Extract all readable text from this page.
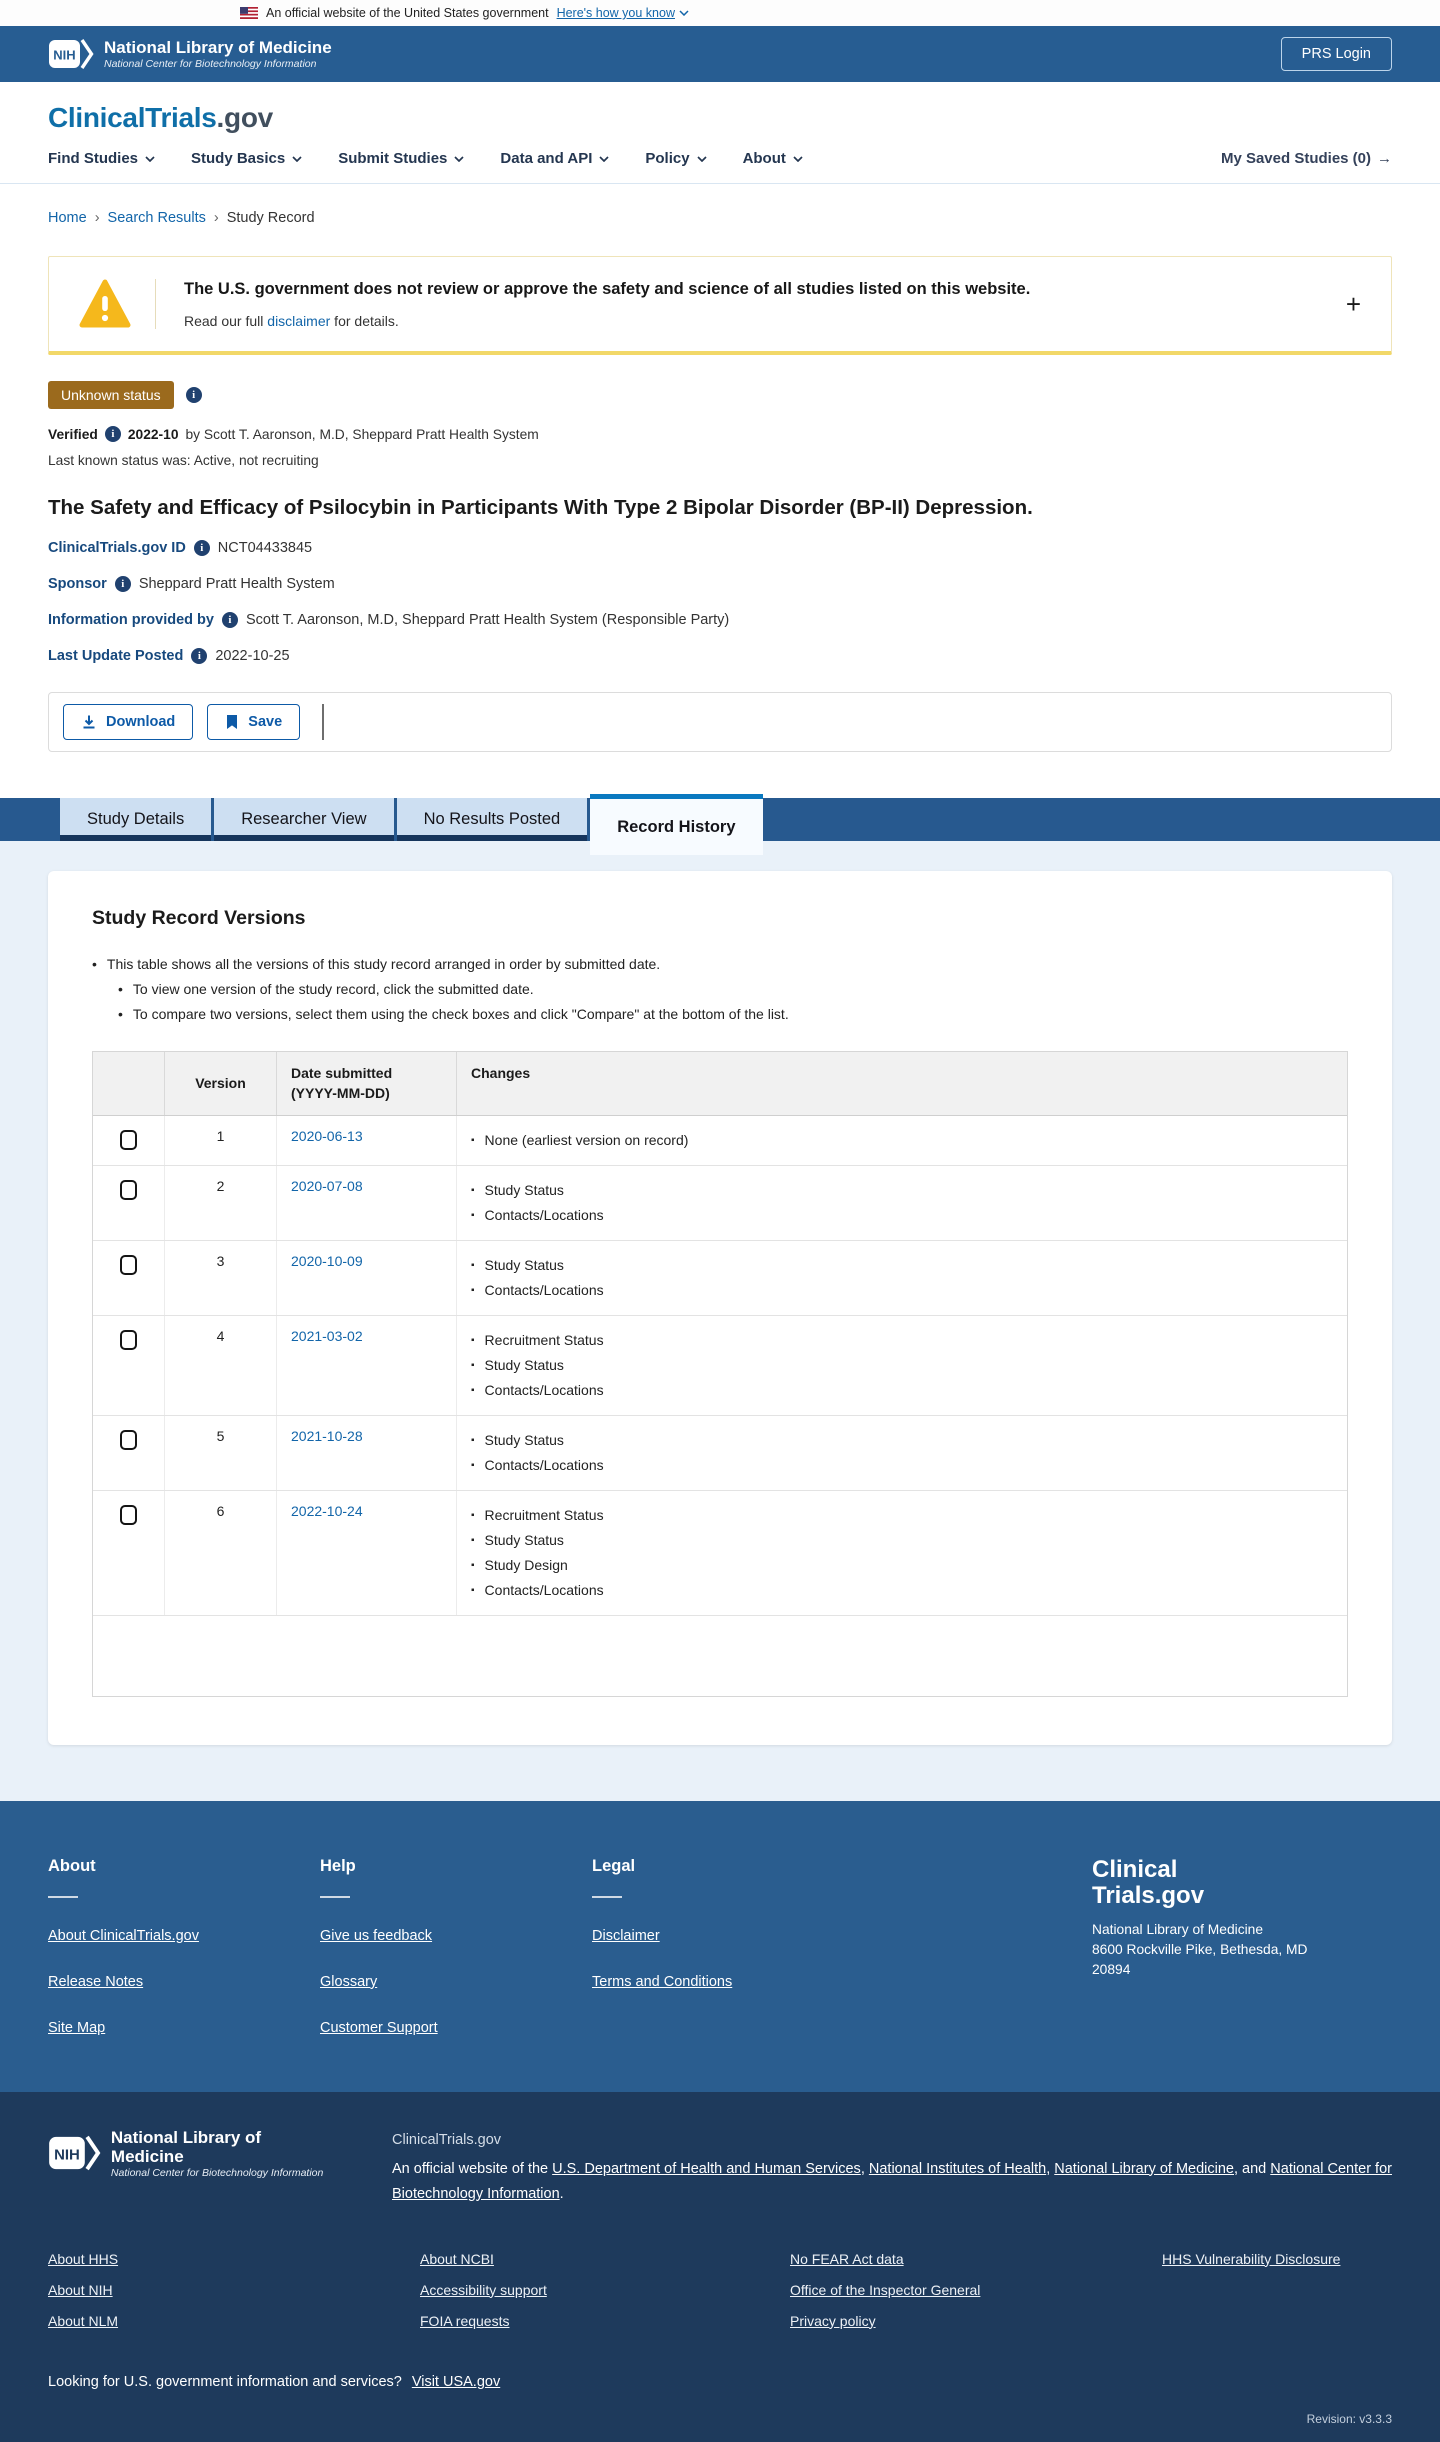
An official website of the United States government Here's how you know
NIH National Library of Medicine
National Center for Biotechnology Information
PRS Login
ClinicalTrials.gov
Find Studies	Study Basics	Submit Studies	Data and API	Policy	About	My Saved Studies (0) →
Home › Search Results › Study Record
The U.S. government does not review or approve the safety and science of all studies listed on this website.
Read our full disclaimer for details.
+
Unknown status	i
Verified	i 2022-10 by Scott T. Aaronson, M.D, Sheppard Pratt Health System
Last known status was: Active, not recruiting
The Safety and Efficacy of Psilocybin in Participants With Type 2 Bipolar Disorder (BP-II) Depression.
ClinicalTrials.gov ID	i NCT04433845
Sponsor	i Sheppard Pratt Health System
Information provided by	i Scott T. Aaronson, M.D, Sheppard Pratt Health System (Responsible Party)
Last Update Posted	i 2022-10-25
Download	Save
Study Details	Researcher View	No Results Posted	Record History
Study Record Versions
• This table shows all the versions of this study record arranged in order by submitted date.
• To view one version of the study record, click the submitted date.
• To compare two versions, select them using the check boxes and click "Compare" at the bottom of the list.
Version
Date submitted
(YYYY-MM-DD)
Changes
1	2020-06-13	▪ None (earliest version on record)
2	2020-07-08	▪ Study Status
▪ Contacts/Locations
3	2020-10-09	▪ Study Status
▪ Contacts/Locations
4	2021-03-02	▪ Recruitment Status
▪ Study Status
▪ Contacts/Locations
5	2021-10-28	▪ Study Status
▪ Contacts/Locations
6	2022-10-24	▪ Recruitment Status
▪ Study Status
▪ Study Design
▪ Contacts/Locations
About
About ClinicalTrials.gov
Release Notes
Site Map
Help
Give us feedback
Glossary
Customer Support
Legal
Disclaimer
Terms and Conditions
Clinical
Trials.gov
National Library of Medicine
8600 Rockville Pike, Bethesda, MD
20894
NIH
National Library of Medicine
National Center for Biotechnology Information
ClinicalTrials.gov
An official website of the U.S. Department of Health and Human Services, National Institutes of Health, National Library of Medicine, and National Center for Biotechnology Information.
About HHS
About NIH
About NLM
About NCBI
Accessibility support
FOIA requests
No FEAR Act data
Office of the Inspector General
Privacy policy
HHS Vulnerability Disclosure
Looking for U.S. government information and services? Visit USA.gov
Revision: v3.3.3
